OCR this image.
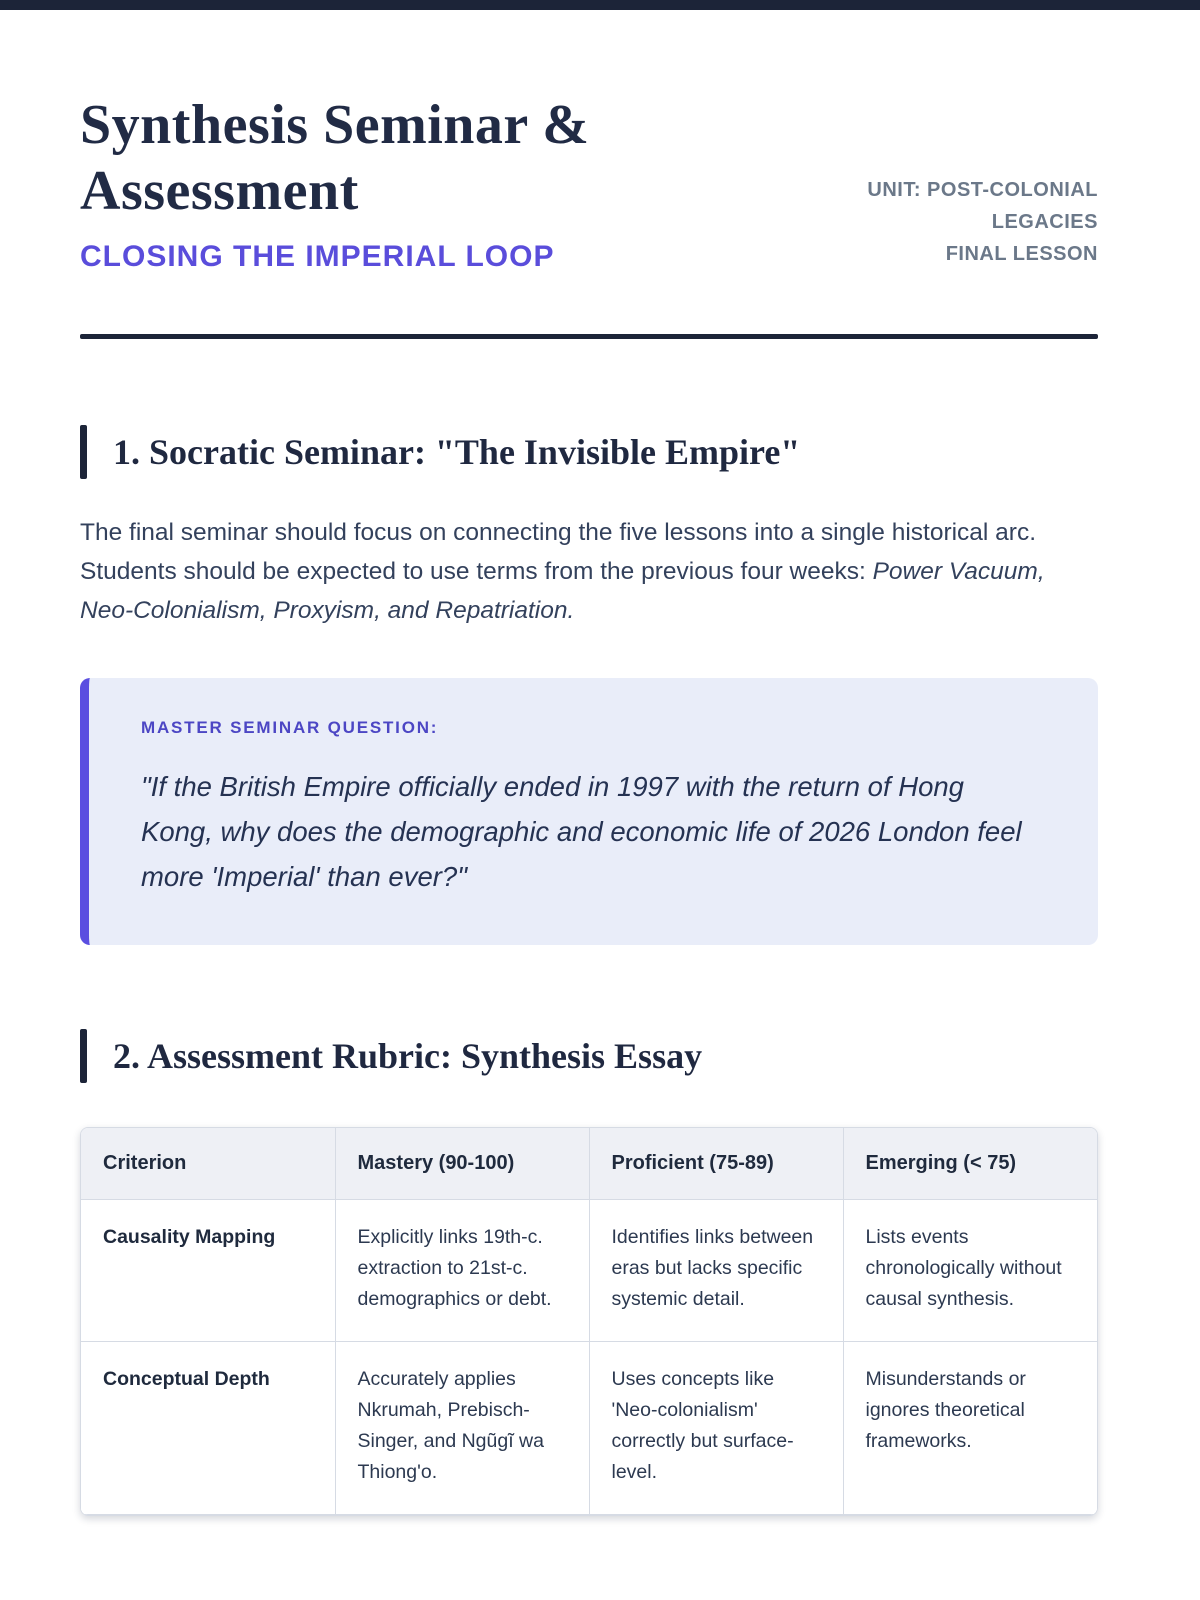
Synthesis Seminar &
Assessment
CLOSING THE IMPERIAL LOOP
UNIT: POST-COLONIAL
LEGACIES
FINAL LESSON
1. Socratic Seminar: "The Invisible Empire"

The final seminar should focus on connecting the five lessons into a single historical arc. Students should be expected to use terms from the previous four weeks: Power Vacuum, Neo-Colonialism, Proxyism, and Repatriation.

MASTER SEMINAR QUESTION:
"If the British Empire officially ended in 1997 with the return of Hong Kong, why does the demographic and economic life of 2026 London feel more 'Imperial' than ever?"
2. Assessment Rubric: Synthesis Essay
Criterion	Mastery (90-100)	Proficient (75-89)	Emerging (< 75)
Causality Mapping	Explicitly links 19th-c. extraction to 21st-c. demographics or debt.	Identifies links between eras but lacks specific systemic detail.	Lists events chronologically without causal synthesis.
Conceptual Depth	Accurately applies Nkrumah, Prebisch-Singer, and Ngũgĩ wa Thiong'o.	Uses concepts like 'Neo-colonialism' correctly but surface-level.	Misunderstands or ignores theoretical frameworks.
